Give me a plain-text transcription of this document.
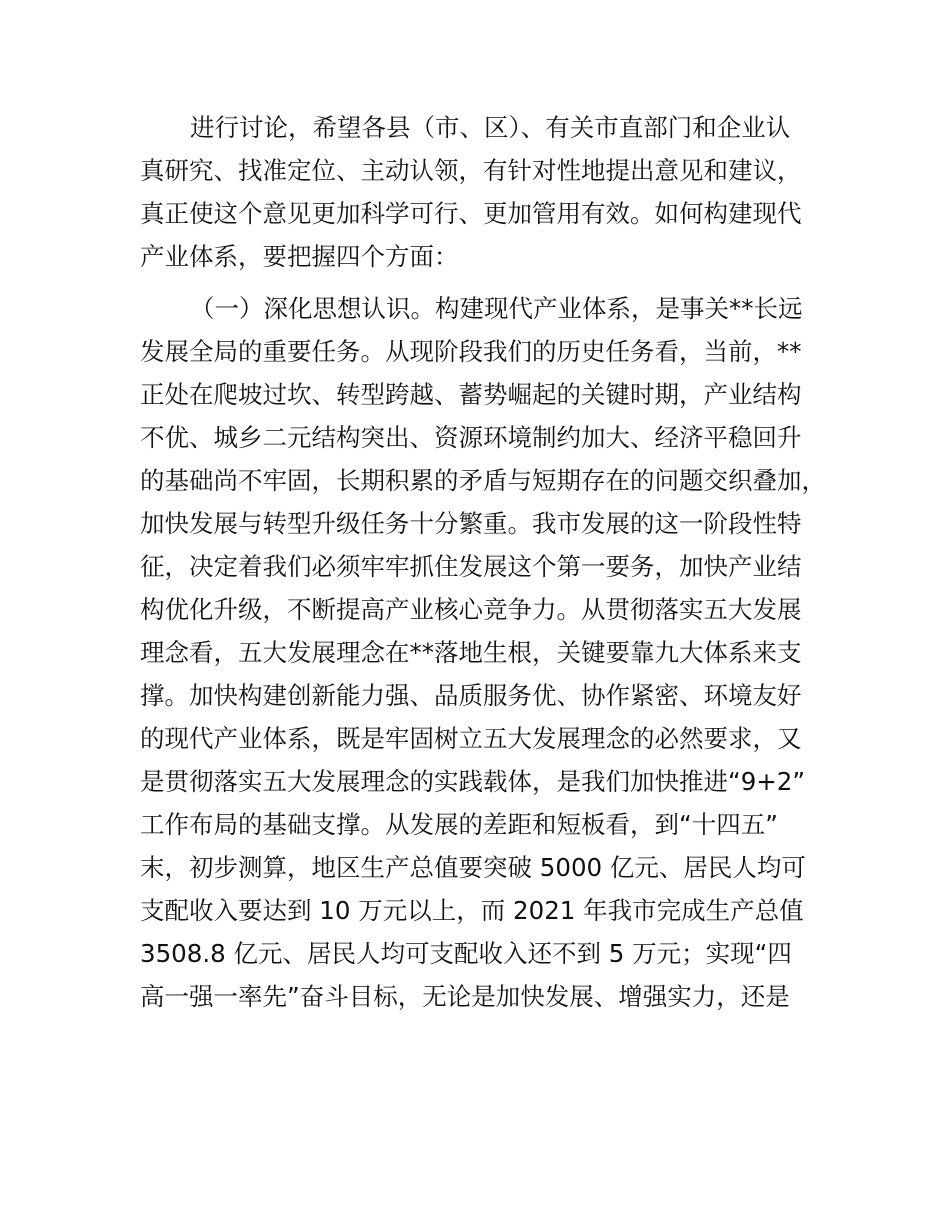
进行讨论，希望各县（市、区）、有关市直部门和企业认
真研究、找准定位、主动认领，有针对性地提出意见和建议，
真正使这个意见更加科学可行、更加管用有效。如何构建现代
产业体系，要把握四个方面：
（一）深化思想认识。构建现代产业体系，是事关**长远
发展全局的重要任务。从现阶段我们的历史任务看，当前，**
正处在爬坡过坎、转型跨越、蓄势崛起的关键时期，产业结构
不优、城乡二元结构突出、资源环境制约加大、经济平稳回升
的基础尚不牢固，长期积累的矛盾与短期存在的问题交织叠加，
加快发展与转型升级任务十分繁重。我市发展的这一阶段性特
征，决定着我们必须牢牢抓住发展这个第一要务，加快产业结
构优化升级，不断提高产业核心竞争力。从贯彻落实五大发展
理念看，五大发展理念在**落地生根，关键要靠九大体系来支
撑。加快构建创新能力强、品质服务优、协作紧密、环境友好
的现代产业体系，既是牢固树立五大发展理念的必然要求，又
是贯彻落实五大发展理念的实践载体，是我们加快推进“9+2”
工作布局的基础支撑。从发展的差距和短板看，到“十四五”
末，初步测算，地区生产总值要突破 5000 亿元、居民人均可
支配收入要达到 10 万元以上，而 2021 年我市完成生产总值
3508.8 亿元、居民人均可支配收入还不到 5 万元；实现“四
高一强一率先”奋斗目标，无论是加快发展、增强实力，还是
